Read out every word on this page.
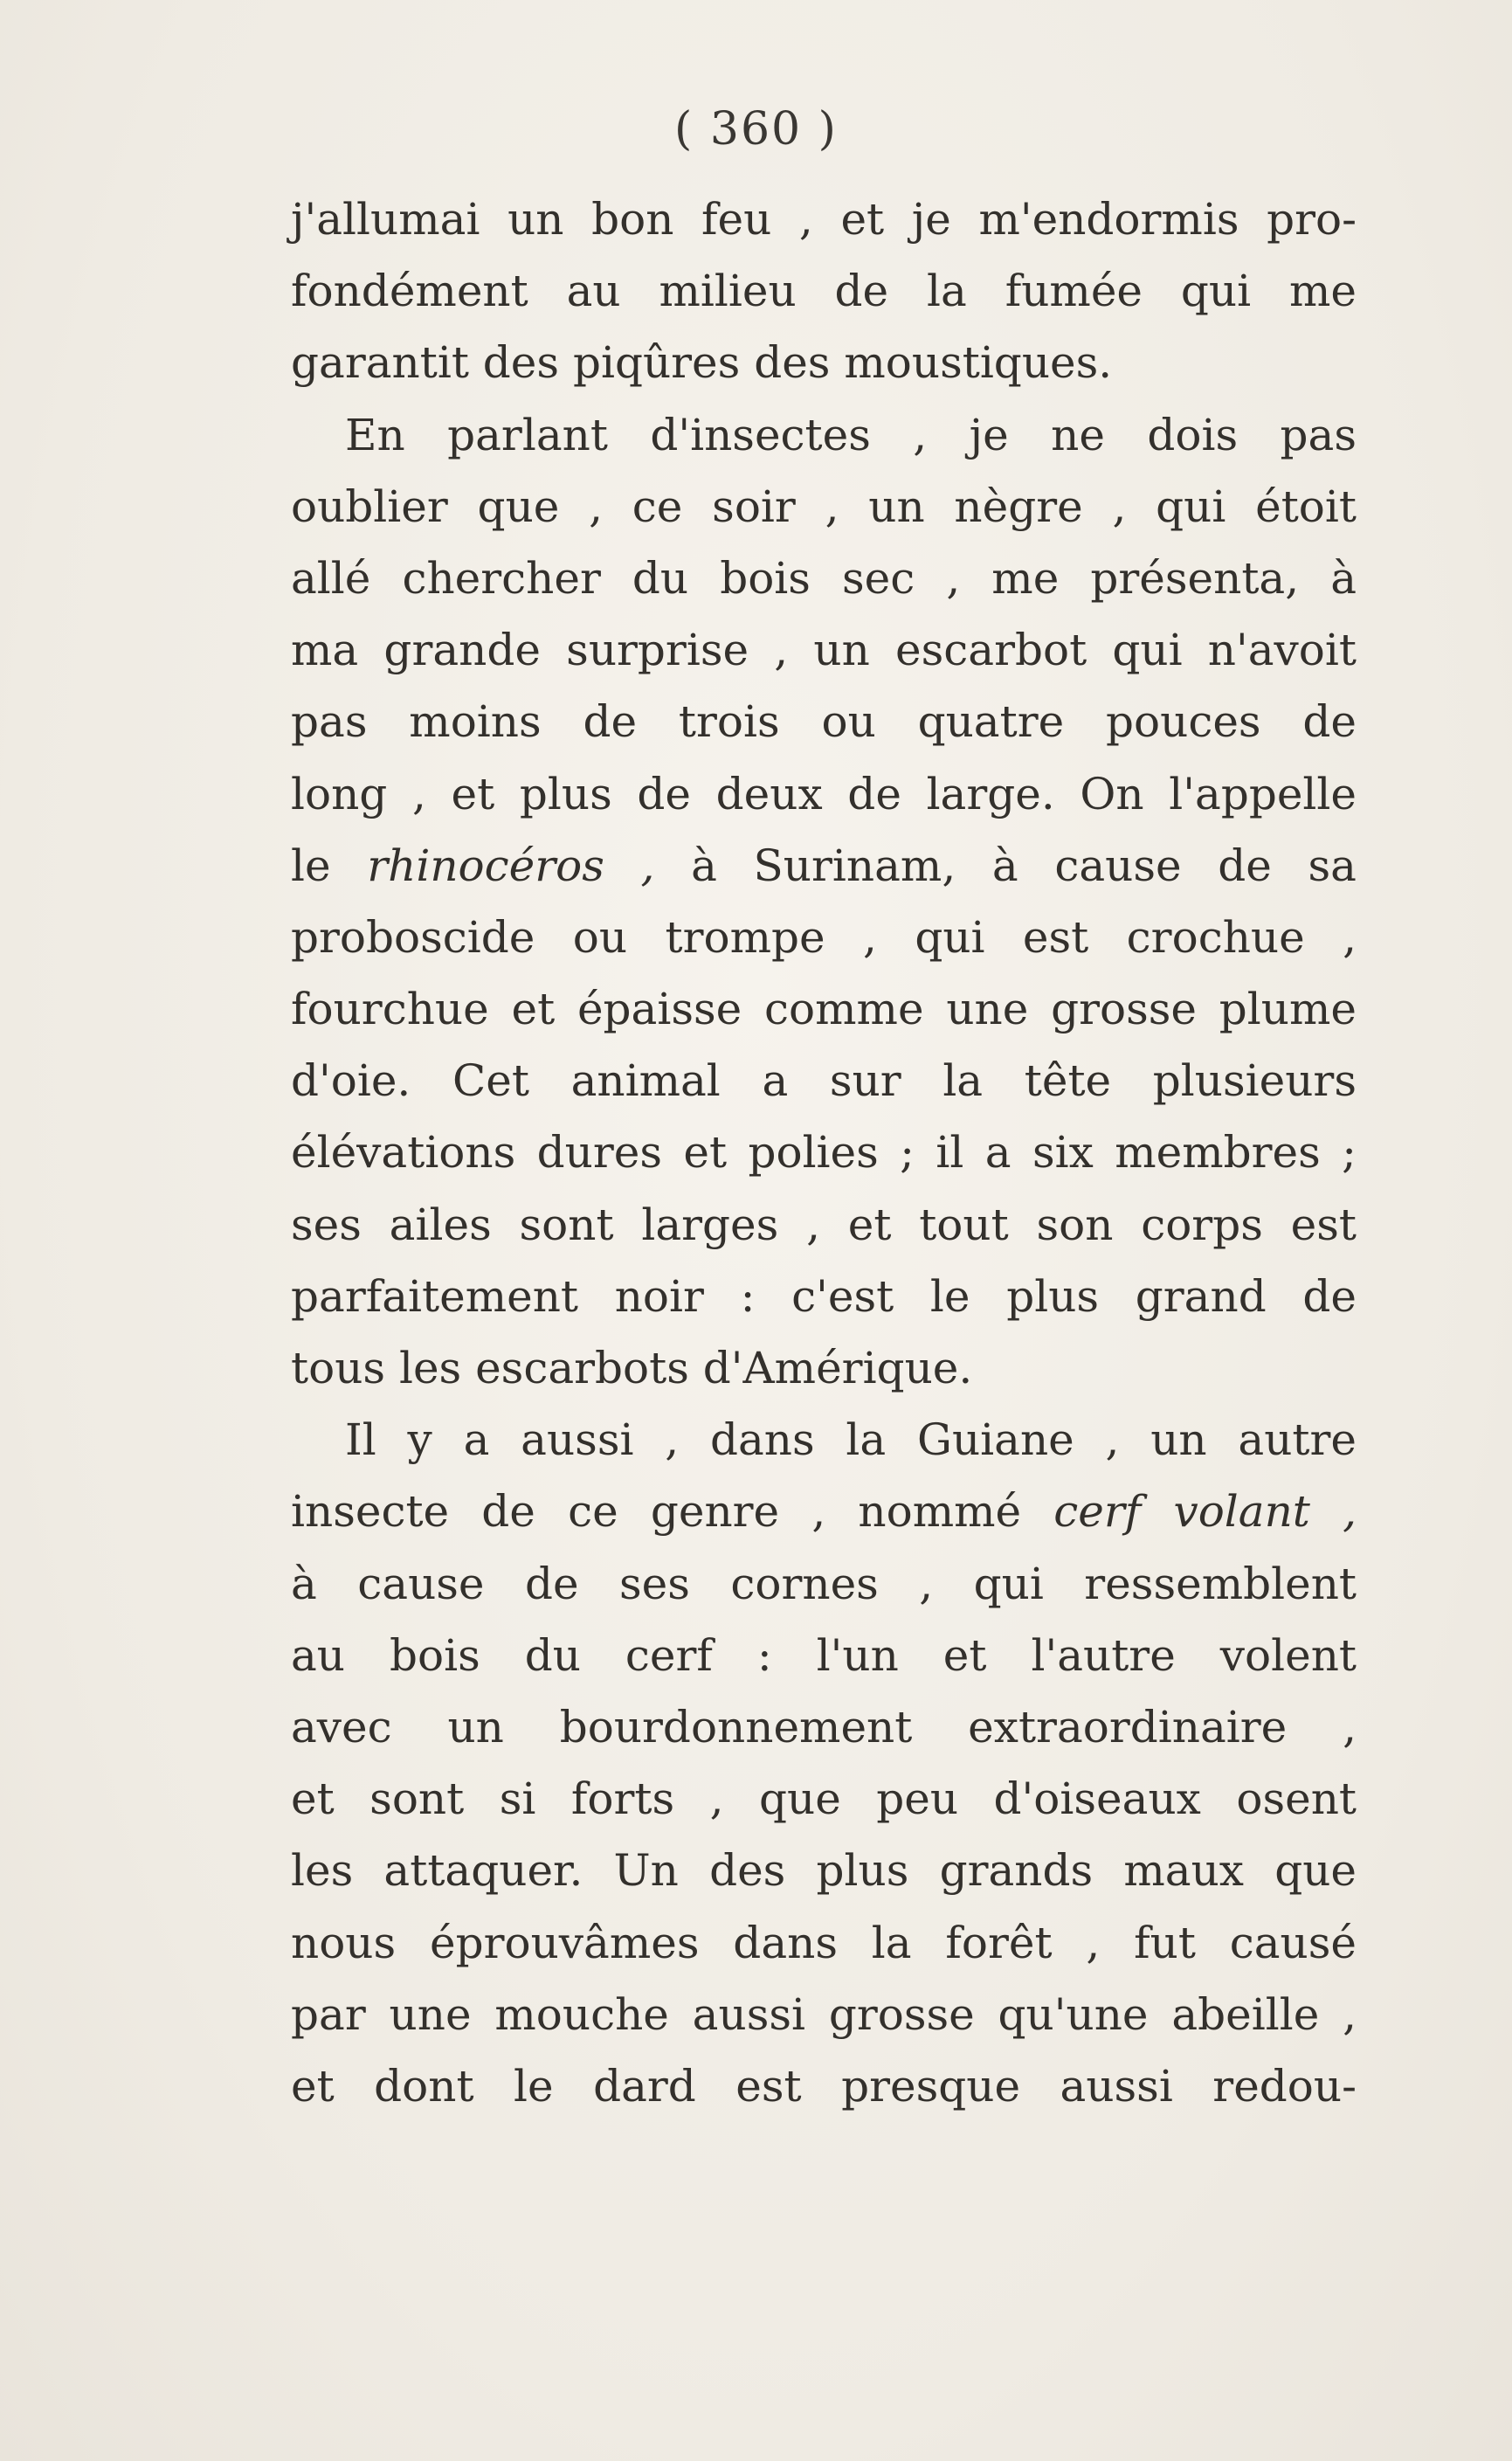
( 360 )
j'allumai un bon feu , et je m'endormis pro-
fondément au milieu de la fumée qui me
garantit des piqûres des moustiques.
En parlant d'insectes , je ne dois pas
oublier que , ce soir , un nègre , qui étoit
allé chercher du bois sec , me présenta, à
ma grande surprise , un escarbot qui n'avoit
pas moins de trois ou quatre pouces de
long , et plus de deux de large. On l'appelle
le rhinocéros , à Surinam, à cause de sa
proboscide ou trompe , qui est crochue ,
fourchue et épaisse comme une grosse plume
d'oie. Cet animal a sur la tête plusieurs
élévations dures et polies ; il a six membres ;
ses ailes sont larges , et tout son corps est
parfaitement noir : c'est le plus grand de
tous les escarbots d'Amérique.
Il y a aussi , dans la Guiane , un autre
insecte de ce genre , nommé cerf volant ,
à cause de ses cornes , qui ressemblent
au bois du cerf : l'un et l'autre volent
avec un bourdonnement extraordinaire ,
et sont si forts , que peu d'oiseaux osent
les attaquer. Un des plus grands maux que
nous éprouvâmes dans la forêt , fut causé
par une mouche aussi grosse qu'une abeille ,
et dont le dard est presque aussi redou-
